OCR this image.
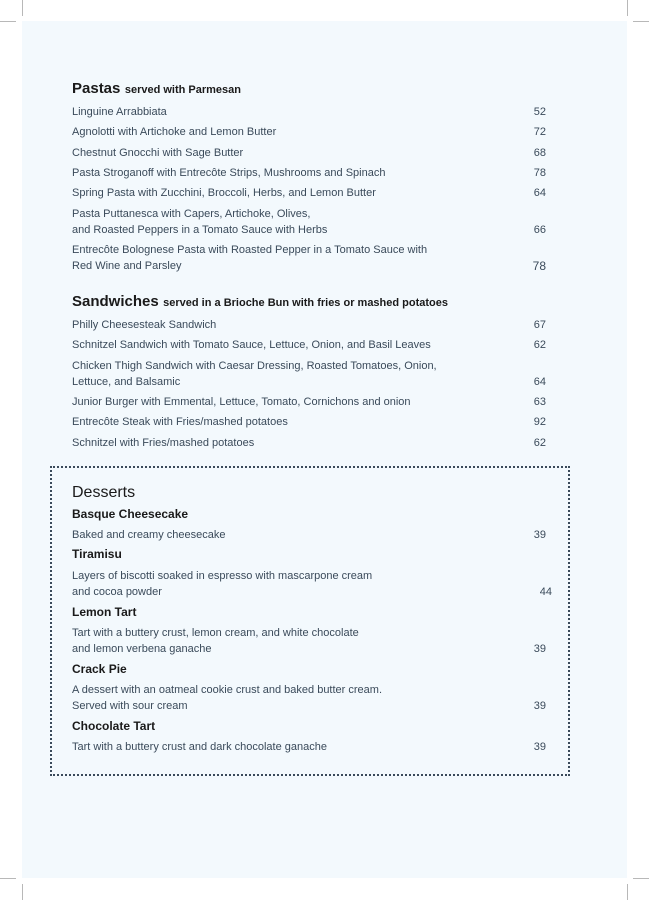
Pastas served with Parmesan
Linguine Arrabbiata	52
Agnolotti with Artichoke and Lemon Butter	72
Chestnut Gnocchi with Sage Butter	68
Pasta Stroganoff with Entrecôte Strips, Mushrooms and Spinach	78
Spring Pasta with Zucchini, Broccoli, Herbs, and Lemon Butter	64
Pasta Puttanesca with Capers, Artichoke, Olives,
and Roasted Peppers in a Tomato Sauce with Herbs	66
Entrecôte Bolognese Pasta with Roasted Pepper in a Tomato Sauce with
Red Wine and Parsley	78
Sandwiches served in a Brioche Bun with fries or mashed potatoes
Philly Cheesesteak Sandwich	67
Schnitzel Sandwich with Tomato Sauce, Lettuce, Onion, and Basil Leaves	62
Chicken Thigh Sandwich with Caesar Dressing, Roasted Tomatoes, Onion,
Lettuce, and Balsamic	64
Junior Burger with Emmental, Lettuce, Tomato, Cornichons and onion	63
Entrecôte Steak with Fries/mashed potatoes	92
Schnitzel with Fries/mashed potatoes	62
Desserts
Basque Cheesecake
Baked and creamy cheesecake	39
Tiramisu
Layers of biscotti soaked in espresso with mascarpone cream
and cocoa powder	44
Lemon Tart
Tart with a buttery crust, lemon cream, and white chocolate
and lemon verbena ganache	39
Crack Pie
A dessert with an oatmeal cookie crust and baked butter cream.
Served with sour cream	39
Chocolate Tart
Tart with a buttery crust and dark chocolate ganache	39
